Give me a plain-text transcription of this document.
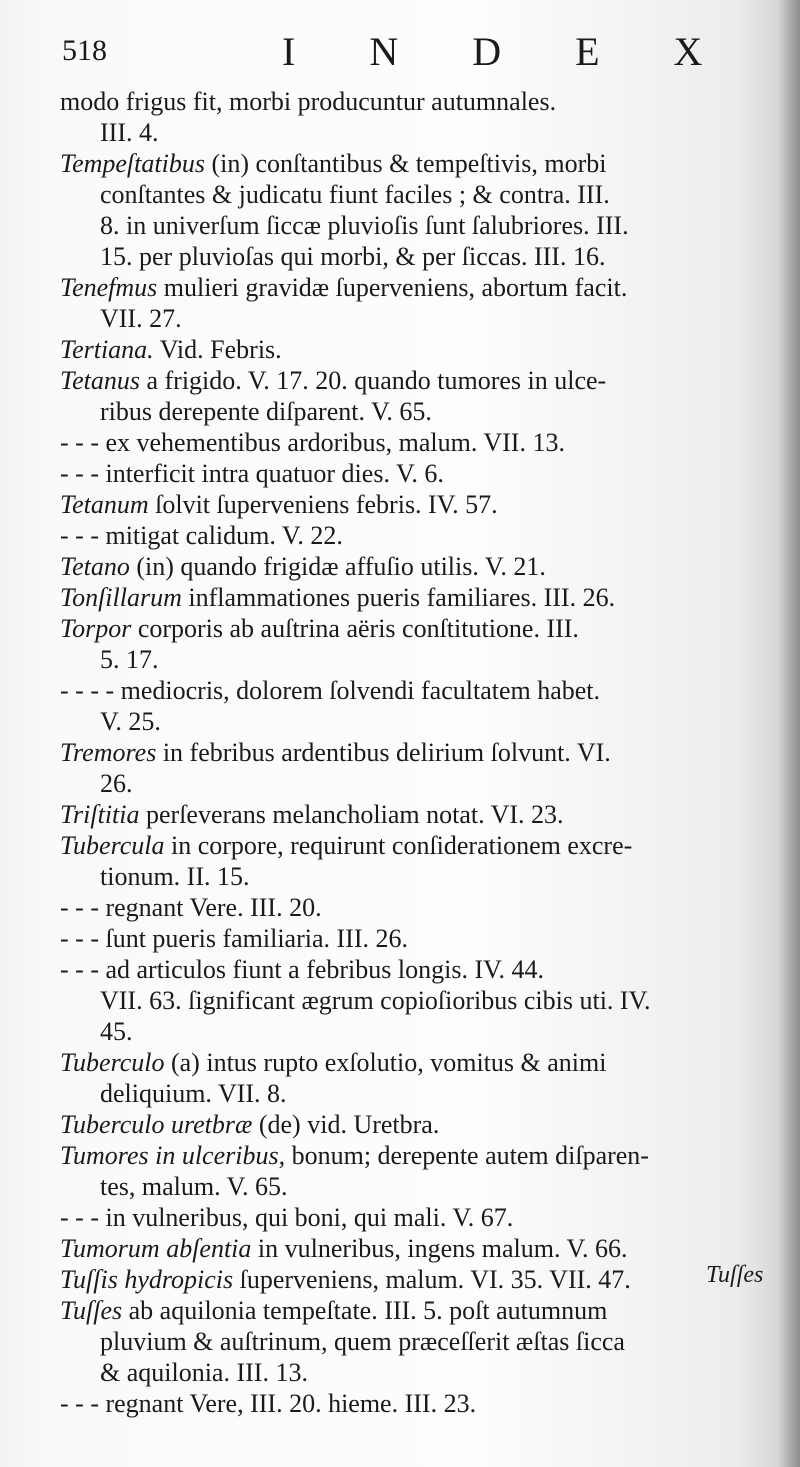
518	I N D E X
modo frigus fit, morbi producuntur autumnales.
III. 4.
Tempeſtatibus (in) conſtantibus & tempeſtivis, morbi
conſtantes & judicatu fiunt faciles ; & contra. III.
8. in univerſum ſiccæ pluvioſis ſunt ſalubriores. III.
15. per pluvioſas qui morbi, & per ſiccas. III. 16.
Tenefmus mulieri gravidæ ſuperveniens, abortum facit.
VII. 27.
Tertiana. Vid. Febris.
Tetanus a frigido. V. 17. 20. quando tumores in ulce-
ribus derepente diſparent. V. 65.
- - - ex vehementibus ardoribus, malum. VII. 13.
- - - interficit intra quatuor dies. V. 6.
Tetanum ſolvit ſuperveniens febris. IV. 57.
- - - mitigat calidum. V. 22.
Tetano (in) quando frigidæ affuſio utilis. V. 21.
Tonſillarum inflammationes pueris familiares. III. 26.
Torpor corporis ab auſtrina aëris conſtitutione. III.
5. 17.
- - - - mediocris, dolorem ſolvendi facultatem habet.
V. 25.
Tremores in febribus ardentibus delirium ſolvunt. VI.
26.
Triſtitia perſeverans melancholiam notat. VI. 23.
Tubercula in corpore, requirunt conſiderationem excre-
tionum. II. 15.
- - - regnant Vere. III. 20.
- - - ſunt pueris familiaria. III. 26.
- - - ad articulos fiunt a febribus longis. IV. 44.
VII. 63. ſignificant ægrum copioſioribus cibis uti. IV.
45.
Tuberculo (a) intus rupto exſolutio, vomitus & animi
deliquium. VII. 8.
Tuberculo uretbræ (de) vid. Uretbra.
Tumores in ulceribus, bonum; derepente autem diſparen-
tes, malum. V. 65.
- - - in vulneribus, qui boni, qui mali. V. 67.
Tumorum abſentia in vulneribus, ingens malum. V. 66.
Tuſſis hydropicis ſuperveniens, malum. VI. 35. VII. 47.
Tuſſes ab aquilonia tempeſtate. III. 5. poſt autumnum
pluvium & auſtrinum, quem præceſſerit æſtas ſicca
& aquilonia. III. 13.
- - - regnant Vere, III. 20. hieme. III. 23.
Tuſſes
